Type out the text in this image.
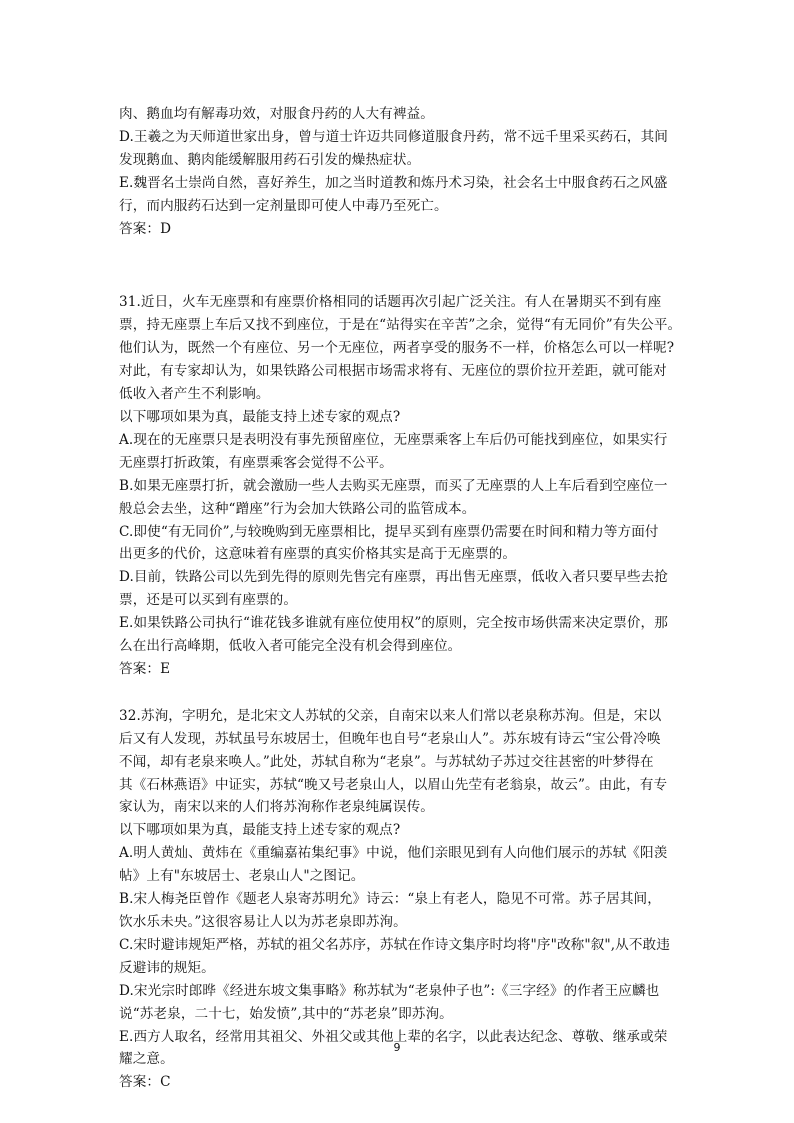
肉、鹅血均有解毒功效，对服食丹药的人大有裨益。
D.王羲之为天师道世家出身，曾与道士许迈共同修道服食丹药，常不远千里采买药石，其间
发现鹅血、鹅肉能缓解服用药石引发的燥热症状。
E.魏晋名士崇尚自然，喜好养生，加之当时道教和炼丹术习染，社会名士中服食药石之风盛
行，而内服药石达到一定剂量即可使人中毒乃至死亡。
答案：D
31.近日，火车无座票和有座票价格相同的话题再次引起广泛关注。有人在暑期买不到有座
票，持无座票上车后又找不到座位，于是在“站得实在辛苦”之余，觉得“有无同价”有失公平。
他们认为，既然一个有座位、另一个无座位，两者享受的服务不一样，价格怎么可以一样呢?
对此，有专家却认为，如果铁路公司根据市场需求将有、无座位的票价拉开差距，就可能对
低收入者产生不利影响。
以下哪项如果为真，最能支持上述专家的观点?
A.现在的无座票只是表明没有事先预留座位，无座票乘客上车后仍可能找到座位，如果实行
无座票打折政策，有座票乘客会觉得不公平。
B.如果无座票打折，就会激励一些人去购买无座票，而买了无座票的人上车后看到空座位一
般总会去坐，这种“蹭座”行为会加大铁路公司的监管成本。
C.即使“有无同价”,与较晚购到无座票相比，提早买到有座票仍需要在时间和精力等方面付
出更多的代价，这意味着有座票的真实价格其实是高于无座票的。
D.目前，铁路公司以先到先得的原则先售完有座票，再出售无座票，低收入者只要早些去抢
票，还是可以买到有座票的。
E.如果铁路公司执行“谁花钱多谁就有座位使用权”的原则，完全按市场供需来决定票价，那
么在出行高峰期，低收入者可能完全没有机会得到座位。
答案：E
32.苏洵，字明允，是北宋文人苏轼的父亲，自南宋以来人们常以老泉称苏洵。但是，宋以
后又有人发现，苏轼虽号东坡居士，但晚年也自号“老泉山人”。苏东坡有诗云“宝公骨冷唤
不闻，却有老泉来唤人。”此处，苏轼自称为“老泉”。与苏轼幼子苏过交往甚密的叶梦得在
其《石林燕语》中证实，苏轼“晚又号老泉山人，以眉山先茔有老翁泉，故云”。由此，有专
家认为，南宋以来的人们将苏洵称作老泉纯属误传。
以下哪项如果为真，最能支持上述专家的观点?
A.明人黄灿、黄炜在《重编嘉祐集纪事》中说，他们亲眼见到有人向他们展示的苏轼《阳羡
帖》上有"东坡居士、老泉山人"之图记。
B.宋人梅尧臣曾作《题老人泉寄苏明允》诗云：“泉上有老人，隐见不可常。苏子居其间，
饮水乐未央。”这很容易让人以为苏老泉即苏洵。
C.宋时避讳规矩严格，苏轼的祖父名苏序，苏轼在作诗文集序时均将"序"改称"叙",从不敢违
反避讳的规矩。
D.宋光宗时郎晔《经进东坡文集事略》称苏轼为“老泉仲子也”:《三字经》的作者王应麟也
说“苏老泉，二十七，始发愤”,其中的“苏老泉”即苏洵。
E.西方人取名，经常用其祖父、外祖父或其他上辈的名字，以此表达纪念、尊敬、继承或荣
耀之意。
答案：C
9
